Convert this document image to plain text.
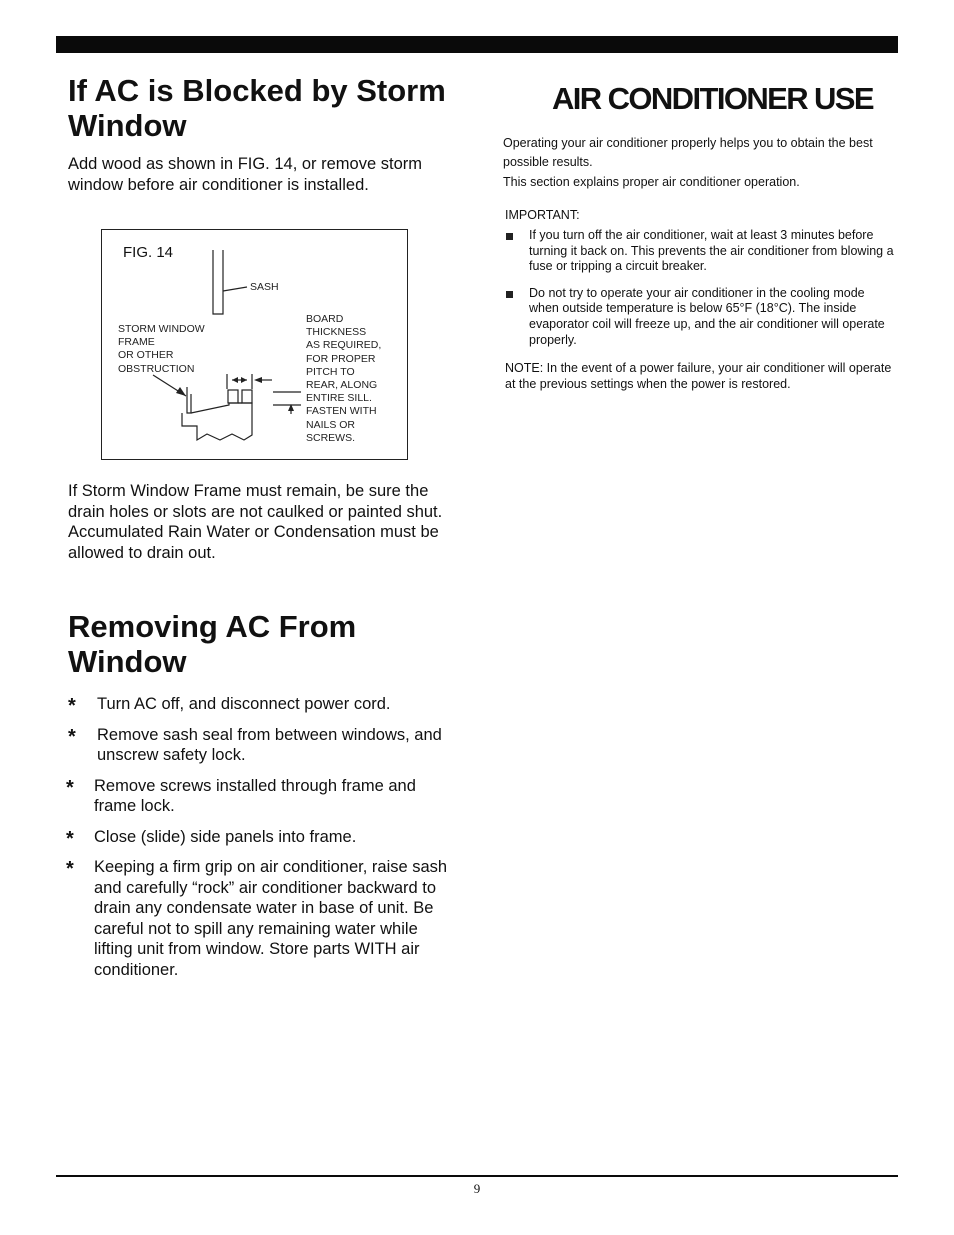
If AC is Blocked by Storm Window

Add wood as shown in FIG. 14, or remove storm window before air conditioner is installed.

FIG. 14
SASH
STORM WINDOW
FRAME
OR OTHER
OBSTRUCTION
BOARD
THICKNESS
AS REQUIRED,
FOR PROPER
PITCH TO
REAR, ALONG
ENTIRE SILL.
FASTEN WITH
NAILS OR
SCREWS.

If Storm Window Frame must remain, be sure the drain holes or slots are not caulked or painted shut. Accumulated Rain Water or Condensation must be allowed to drain out.

Removing AC From Window
*	Turn AC off, and disconnect power cord.
*	Remove sash seal from between windows, and unscrew safety lock.
*	Remove screws installed through frame and frame lock.
*	Close (slide) side panels into frame.
*	Keeping a firm grip on air conditioner, raise sash and carefully “rock” air conditioner backward to drain any condensate water in base of unit. Be careful not to spill any remaining water while lifting unit from window. Store parts WITH air conditioner.
AIR CONDITIONER USE

Operating your air conditioner properly helps you to obtain the best possible results.

This section explains proper air conditioner operation.

IMPORTANT:
If you turn off the air conditioner, wait at least 3 minutes before turning it back on. This prevents the air conditioner from blowing a fuse or tripping a circuit breaker.
Do not try to operate your air conditioner in the cooling mode when outside temperature is below 65°F (18°C). The inside evaporator coil will freeze up, and the air conditioner will operate properly.

NOTE: In the event of a power failure, your air conditioner will operate at the previous settings when the power is restored.

9
